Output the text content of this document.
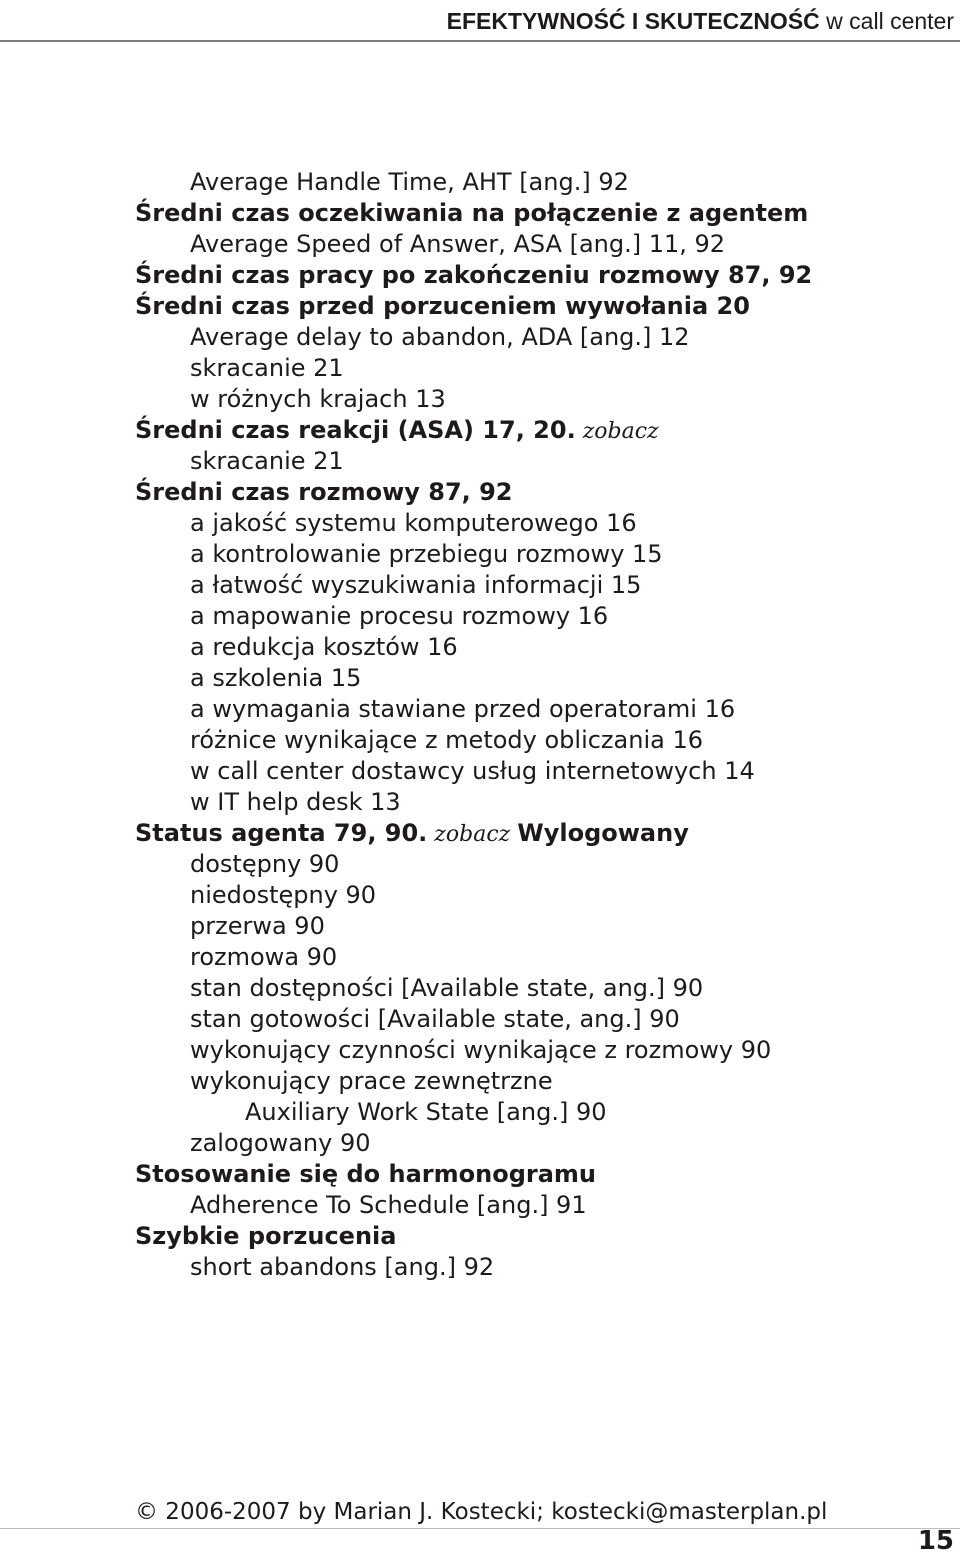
EFEKTYWNOŚĆ I SKUTECZNOŚĆ w call center
Average Handle Time, AHT [ang.] 92
Średni czas oczekiwania na połączenie z agentem
Average Speed of Answer, ASA [ang.] 11, 92
Średni czas pracy po zakończeniu rozmowy 87, 92
Średni czas przed porzuceniem wywołania 20
Average delay to abandon, ADA [ang.] 12
skracanie 21
w różnych krajach 13
Średni czas reakcji (ASA) 17, 20. zobacz
skracanie 21
Średni czas rozmowy 87, 92
a jakość systemu komputerowego 16
a kontrolowanie przebiegu rozmowy 15
a łatwość wyszukiwania informacji 15
a mapowanie procesu rozmowy 16
a redukcja kosztów 16
a szkolenia 15
a wymagania stawiane przed operatorami 16
różnice wynikające z metody obliczania 16
w call center dostawcy usług internetowych 14
w IT help desk 13
Status agenta 79, 90. zobacz Wylogowany
dostępny 90
niedostępny 90
przerwa 90
rozmowa 90
stan dostępności [Available state, ang.] 90
stan gotowości [Available state, ang.] 90
wykonujący czynności wynikające z rozmowy 90
wykonujący prace zewnętrzne
Auxiliary Work State [ang.] 90
zalogowany 90
Stosowanie się do harmonogramu
Adherence To Schedule [ang.] 91
Szybkie porzucenia
short abandons [ang.] 92
© 2006-2007 by Marian J. Kostecki; kostecki@masterplan.pl
15
